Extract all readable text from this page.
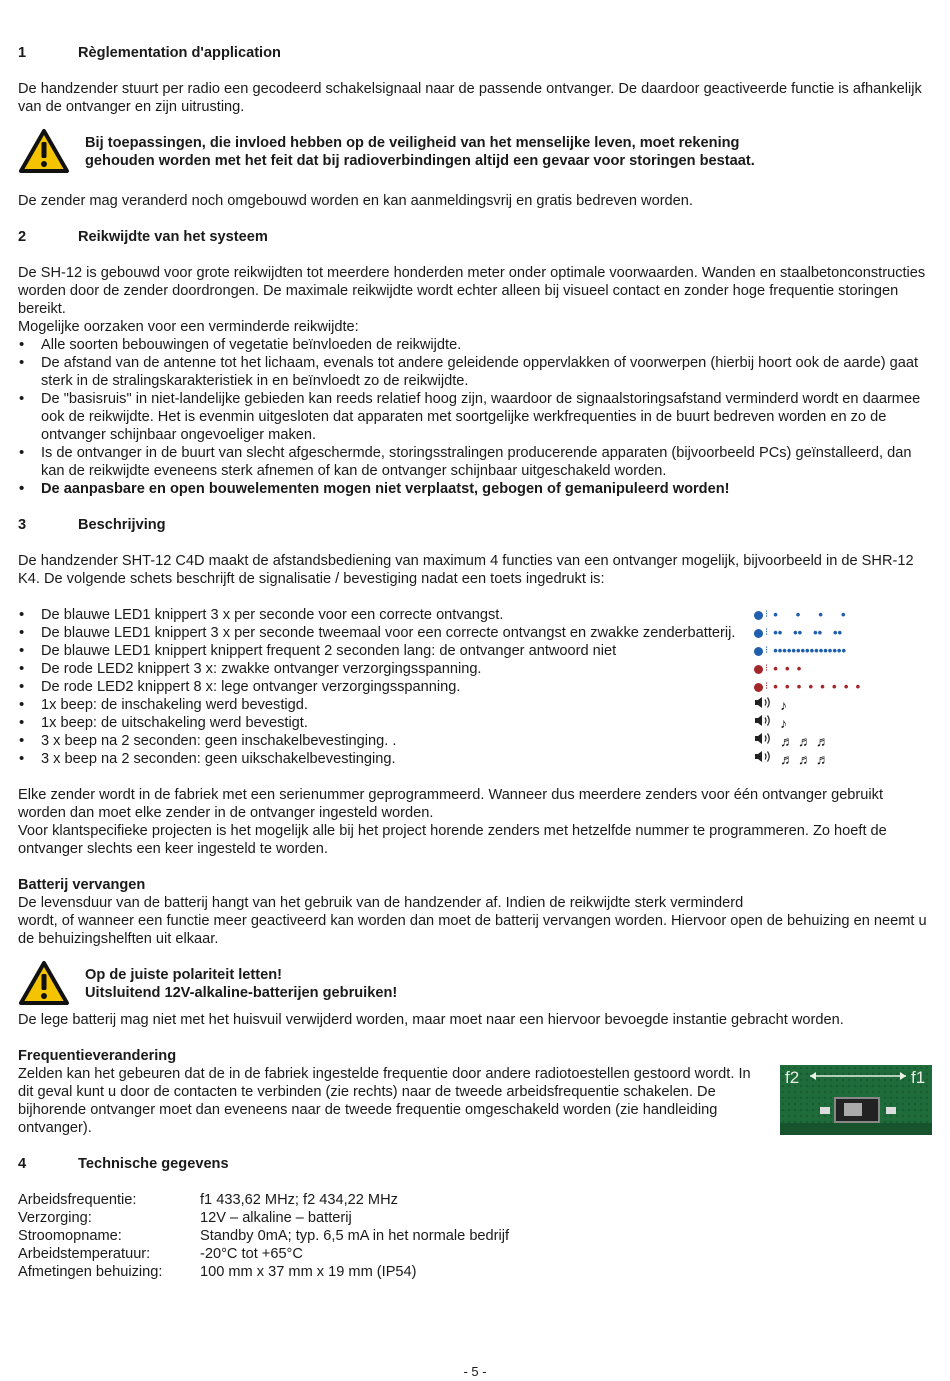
1	Règlementation d'application

De handzender stuurt per radio een gecodeerd schakelsignaal naar de passende ontvanger. De daardoor geactiveerde functie is afhankelijk van de ontvanger en zijn uitrusting.

Bij toepassingen, die invloed hebben op de veiligheid van het menselijke leven, moet rekening
gehouden worden met het feit dat bij radioverbindingen altijd een gevaar voor storingen bestaat.

De zender mag veranderd noch omgebouwd worden en kan aanmeldingsvrij en gratis bedreven worden.

2	Reikwijdte van het systeem

De SH-12 is gebouwd voor grote reikwijdten tot meerdere honderden meter onder optimale voorwaarden. Wanden en staalbetonconstructies worden door de zender doordrongen. De maximale reikwijdte wordt echter alleen bij visueel contact en zonder hoge frequentie storingen bereikt.

Mogelijke oorzaken voor een verminderde reikwijdte:

• Alle soorten bebouwingen of vegetatie beïnvloeden de reikwijdte.
• De afstand van de antenne tot het lichaam, evenals tot andere geleidende oppervlakken of voorwerpen (hierbij hoort ook de aarde) gaat sterk in de stralingskarakteristiek in en beïnvloedt zo de reikwijdte.
• De "basisruis" in niet-landelijke gebieden kan reeds relatief hoog zijn, waardoor de signaalstoringsafstand verminderd wordt en daarmee ook de reikwijdte. Het is evenmin uitgesloten dat apparaten met soortgelijke werkfrequenties in de buurt bedreven worden en zo de ontvanger schijnbaar ongevoeliger maken.
• Is de ontvanger in de buurt van slecht afgeschermde, storingsstralingen producerende apparaten (bijvoorbeeld PCs) geïnstalleerd, dan kan de reikwijdte eveneens sterk afnemen of kan de ontvanger schijnbaar uitgeschakeld worden.
• De aanpasbare en open bouwelementen mogen niet verplaatst, gebogen of gemanipuleerd worden!
3	Beschrijving

De handzender SHT-12 C4D maakt de afstandsbediening van maximum 4 functies van een ontvanger mogelijk, bijvoorbeeld in de SHR-12 K4. De volgende schets beschrijft de signalisatie / bevestiging nadat een toets ingedrukt is:

• De blauwe LED1 knippert 3 x per seconde voor een correcte ontvangst.	⁝ •     •     •     •
• De blauwe LED1 knippert 3 x per seconde tweemaal voor een correcte ontvangst en zwakke zenderbatterij.	⁝ ••   ••   ••   ••
• De blauwe LED1 knippert knippert frequent 2 seconden lang: de ontvanger antwoord niet	⁝ ••••••••••••••••
• De rode LED2 knippert 3 x: zwakke ontvanger verzorgingsspanning.	⁝ •  •  •
• De rode LED2 knippert 8 x: lege ontvanger verzorgingsspanning.	⁝ •  •  •  •  •  •  •  •
• 1x beep: de inschakeling werd bevestigd.	♪
• 1x beep: de uitschakeling werd bevestigt.	♪
• 3 x beep na 2 seconden: geen inschakelbevestinging. .	♬ ♬ ♬
• 3 x beep na 2 seconden: geen uikschakelbevestinging.	♬ ♬ ♬

Elke zender wordt in de fabriek met een serienummer geprogrammeerd. Wanneer dus meerdere zenders voor één ontvanger gebruikt worden dan moet elke zender in de ontvanger ingesteld worden.

Voor klantspecifieke projecten is het mogelijk alle bij het project horende zenders met hetzelfde nummer te programmeren. Zo hoeft de ontvanger slechts een keer ingesteld te worden.

Batterij vervangen

De levensduur van de batterij hangt van het gebruik van de handzender af. Indien de reikwijdte sterk verminderd

wordt, of wanneer een functie meer geactiveerd kan worden dan moet de batterij vervangen worden. Hiervoor open de behuizing en neemt u de behuizingshelften uit elkaar.

Op de juiste polariteit letten!
Uitsluitend 12V-alkaline-batterijen gebruiken!

De lege batterij mag niet met het huisvuil verwijderd worden, maar moet naar een hiervoor bevoegde instantie gebracht worden.

Frequentieverandering

Zelden kan het gebeuren dat de in de fabriek ingestelde frequentie door andere radiotoestellen gestoord wordt. In dit geval kunt u door de contacten te verbinden (zie rechts) naar de tweede arbeidsfrequentie schakelen. De bijhorende ontvanger moet dan eveneens naar de tweede frequentie omgeschakeld worden (zie handleiding ontvanger).

f2	f1
4	Technische gegevens
Arbeidsfrequentie:	f1 433,62 MHz; f2 434,22 MHz
Verzorging:	12V – alkaline – batterij
Stroomopname:	Standby 0mA; typ. 6,5 mA in het normale bedrijf
Arbeidstemperatuur:	-20°C tot +65°C
Afmetingen behuizing:	100 mm x 37 mm x 19 mm (IP54)
- 5 -
